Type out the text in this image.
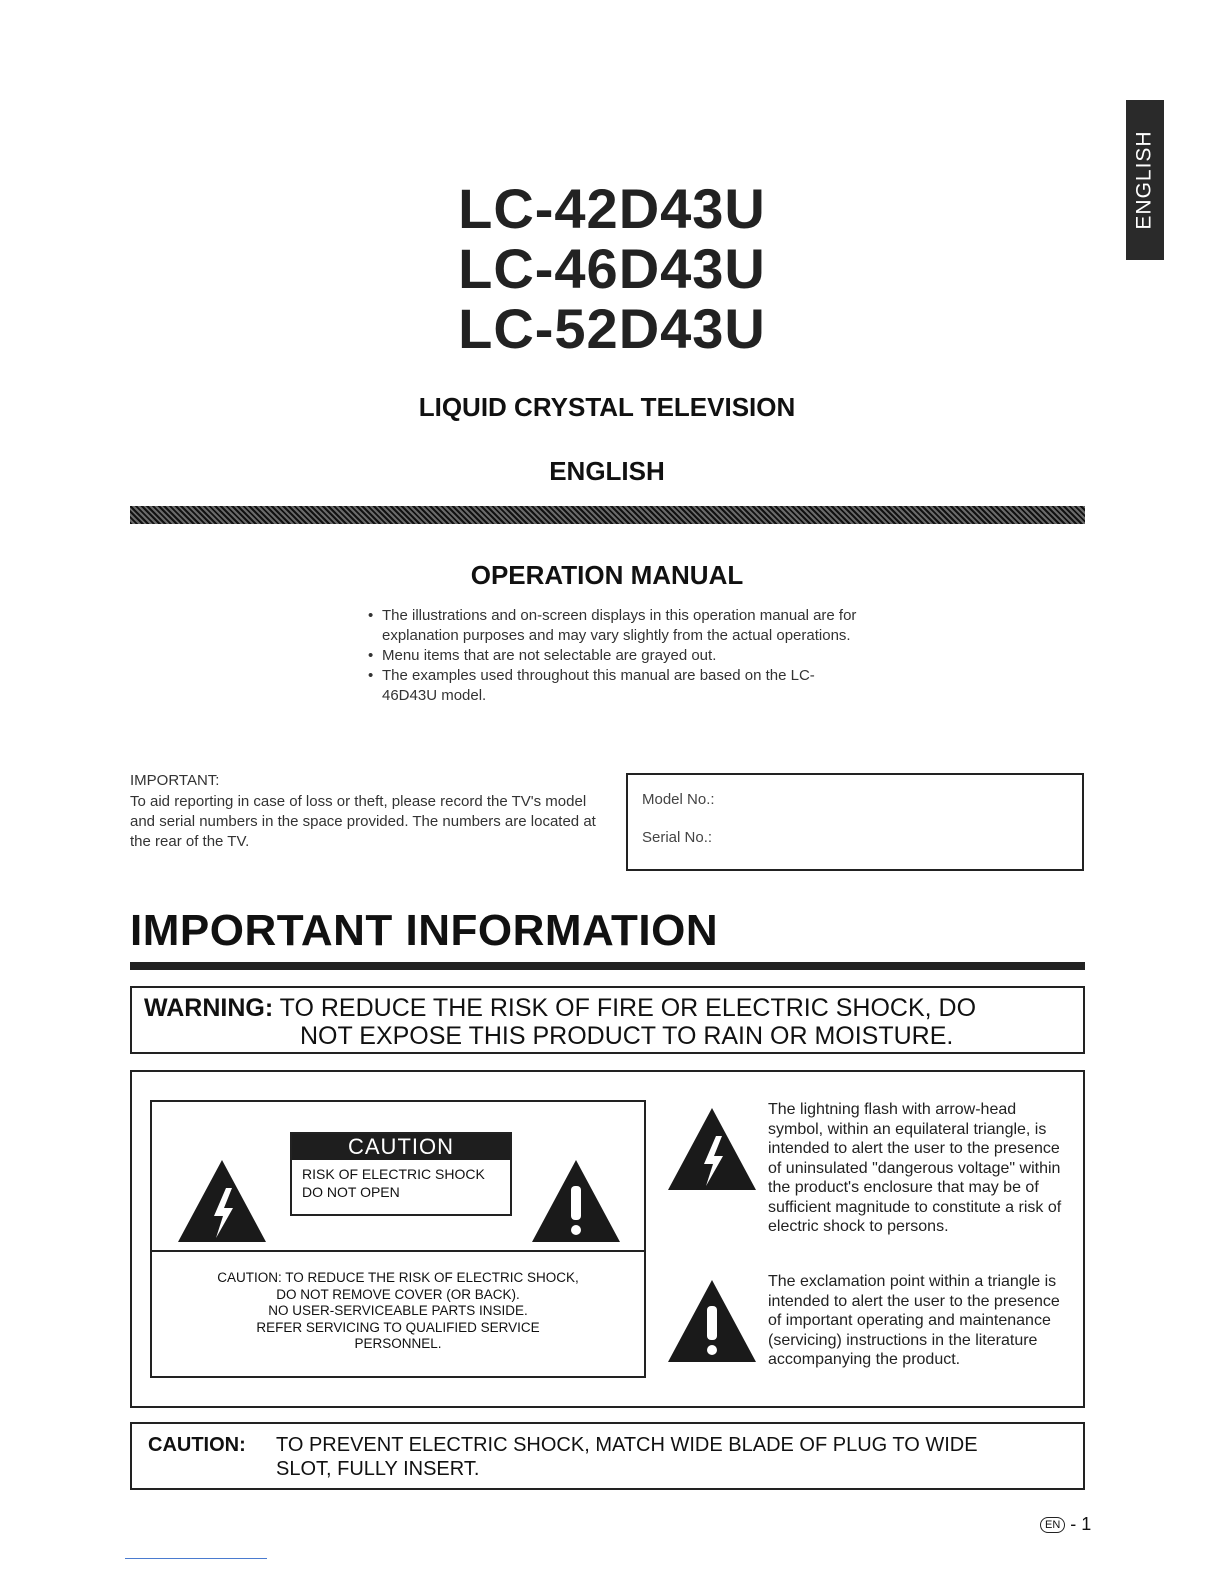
ENGLISH
LC-42D43U
LC-46D43U
LC-52D43U
LIQUID CRYSTAL TELEVISION
ENGLISH
OPERATION MANUAL
• The illustrations and on-screen displays in this operation manual are for explanation purposes and may vary slightly from the actual operations.
• Menu items that are not selectable are grayed out.
• The examples used throughout this manual are based on the LC-46D43U model.
IMPORTANT:
To aid reporting in case of loss or theft, please record the TV's model and serial numbers in the space provided. The numbers are located at the rear of the TV.
Model No.:
Serial No.:
IMPORTANT INFORMATION
WARNING: TO REDUCE THE RISK OF FIRE OR ELECTRIC SHOCK, DO
NOT EXPOSE THIS PRODUCT TO RAIN OR MOISTURE.
CAUTION
RISK OF ELECTRIC SHOCK
DO NOT OPEN
CAUTION: TO REDUCE THE RISK OF ELECTRIC SHOCK,
DO NOT REMOVE COVER (OR BACK).
NO USER-SERVICEABLE PARTS INSIDE.
REFER SERVICING TO QUALIFIED SERVICE
PERSONNEL.
The lightning flash with arrow-head symbol, within an equilateral triangle, is intended to alert the user to the presence of uninsulated "dangerous voltage" within the product's enclosure that may be of sufficient magnitude to constitute a risk of electric shock to persons.
The exclamation point within a triangle is intended to alert the user to the presence of important operating and maintenance (servicing) instructions in the literature accompanying the product.
CAUTION: TO PREVENT ELECTRIC SHOCK, MATCH WIDE BLADE OF PLUG TO WIDE
SLOT, FULLY INSERT.
EN - 1
